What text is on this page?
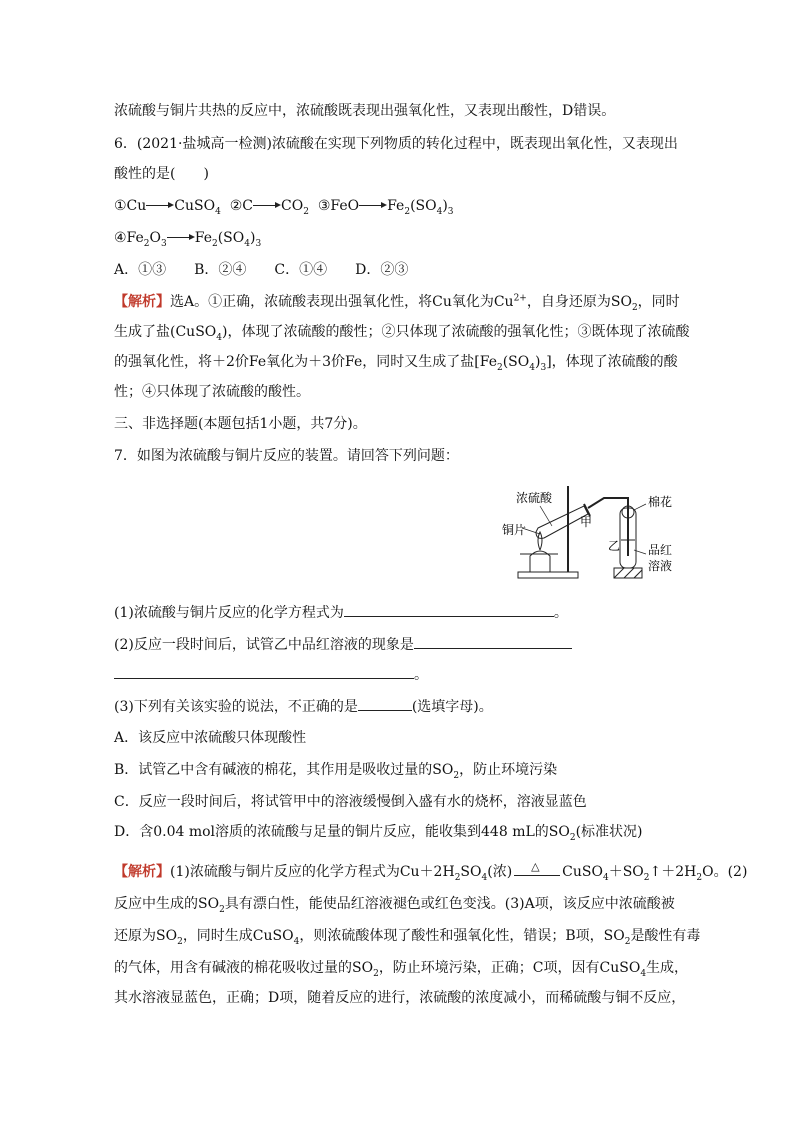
浓硫酸与铜片共热的反应中，浓硫酸既表现出强氧化性，又表现出酸性，D错误。
6．(2021·盐城高一检测)浓硫酸在实现下列物质的转化过程中，既表现出氧化性，又表现出
酸性的是(　　)
①Cu CuSO$_4$ ②C $CO_2$ ③FeO $Fe_2(SO_4)_3$
$④Fe_2O_3$ $Fe_2(SO_4)_3$
A．①③　　B．②④　　C．①④　　D．②③
【解析】选A。①正确，浓硫酸表现出强氧化性，将Cu氧化为$Cu^{2+}$，自身还原为$SO_2$，同时
生成了盐(CuSO$_4$)，体现了浓硫酸的酸性；②只体现了浓硫酸的强氧化性；③既体现了浓硫酸
的强氧化性，将＋2价Fe氧化为＋3价Fe，同时又生成了盐$[Fe_2(SO_4)_3]$，体现了浓硫酸的酸
性；④只体现了浓硫酸的酸性。
三、非选择题(本题包括1小题，共7分)。
7．如图为浓硫酸与铜片反应的装置。请回答下列问题：
浓硫酸
铜片
甲
乙
棉花
品红
溶液
(1)浓硫酸与铜片反应的化学方程式为	。
(2)反应一段时间后，试管乙中品红溶液的现象是
。
(3)下列有关该实验的说法，不正确的是	(选填字母)。
A．该反应中浓硫酸只体现酸性
B．试管乙中含有碱液的棉花，其作用是吸收过量的$SO_2$，防止环境污染
C．反应一段时间后，将试管甲中的溶液缓慢倒入盛有水的烧杯，溶液显蓝色
D．含0.04 mol溶质的浓硫酸与足量的铜片反应，能收集到448 mL的$SO_2$(标准状况)
【解析】(1)浓硫酸与铜片反应的化学方程式为$Cu+2H_2SO_4$(浓) △ $CuSO_4+SO_2↑+2H_2O$。(2)
反应中生成的$SO_2$具有漂白性，能使品红溶液褪色或红色变浅。(3)A项，该反应中浓硫酸被
还原为$SO_2$，同时生成CuSO$_4$，则浓硫酸体现了酸性和强氧化性，错误；B项，$SO_2$是酸性有毒
的气体，用含有碱液的棉花吸收过量的$SO_2$，防止环境污染，正确；C项，因有CuSO$_4$生成，
其水溶液显蓝色，正确；D项，随着反应的进行，浓硫酸的浓度减小，而稀硫酸与铜不反应，
